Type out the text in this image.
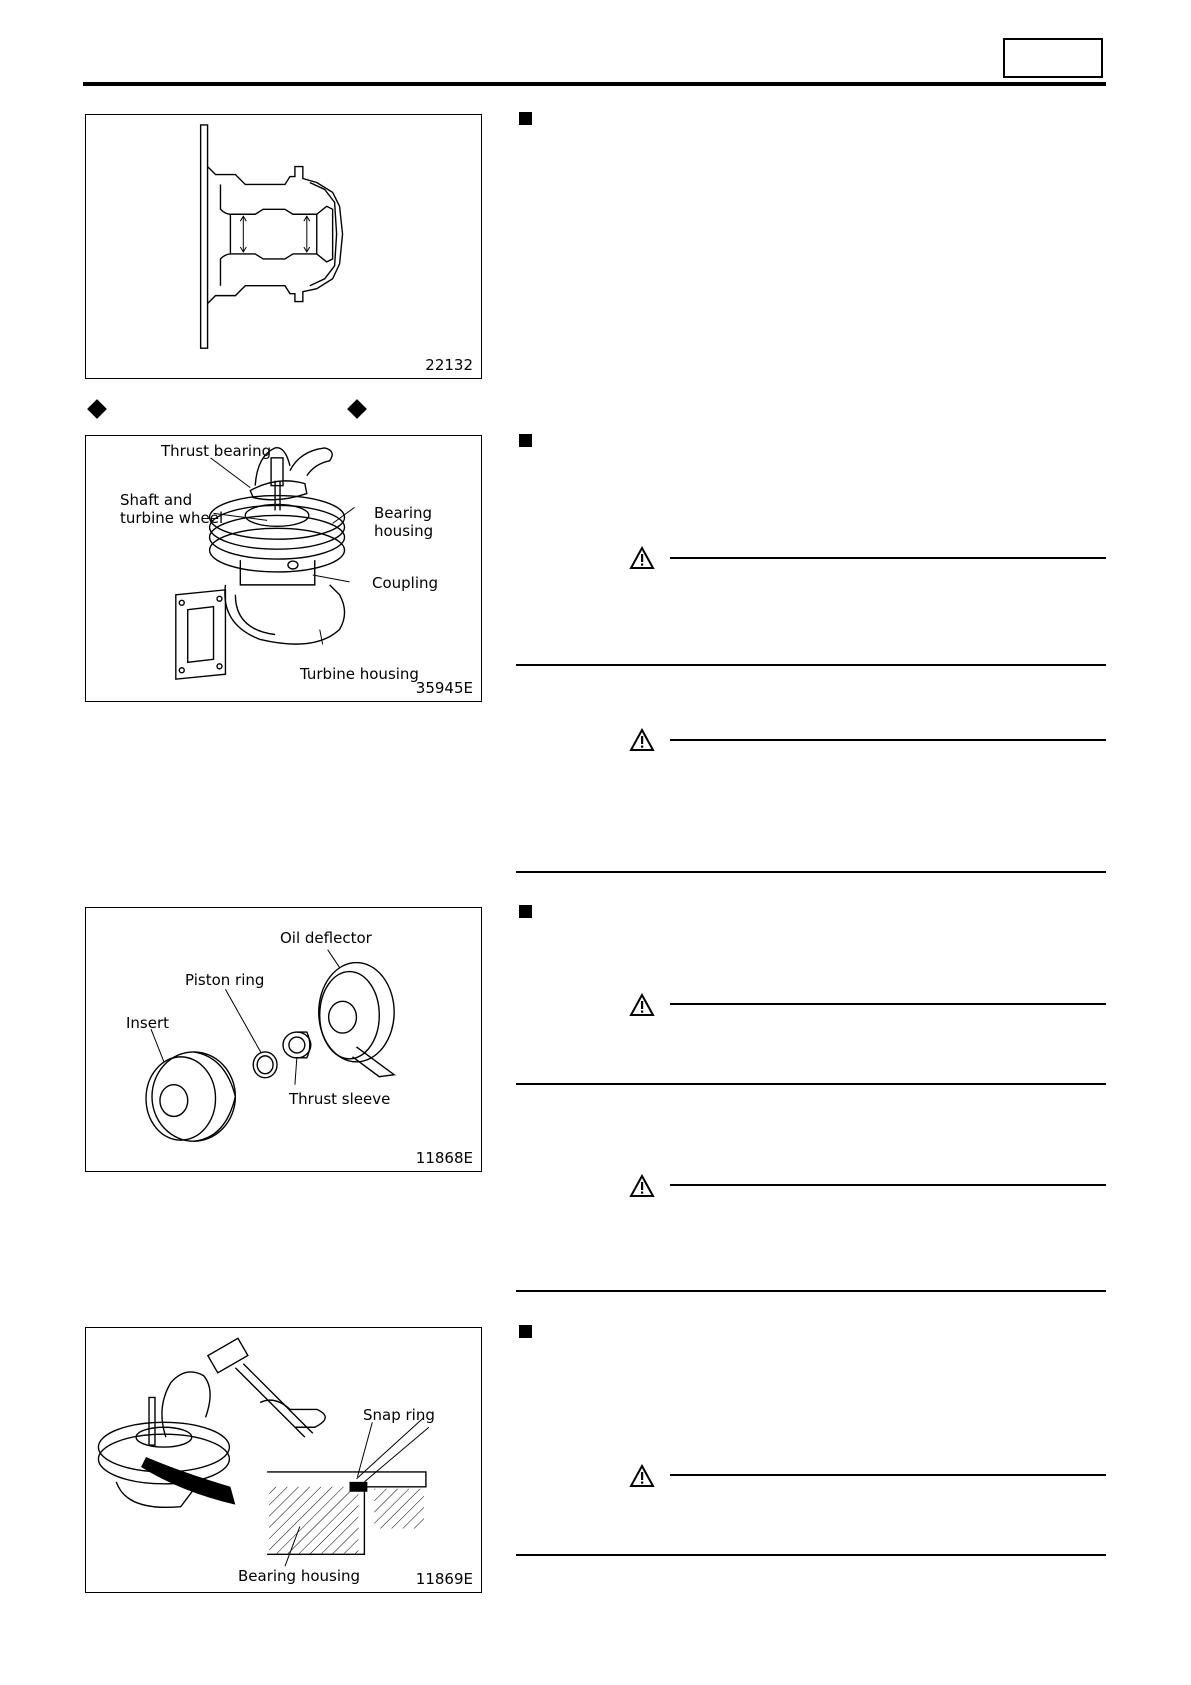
22132
Thrust bearing
Shaft and
turbine wheel	Bearing
housing
Coupling
Turbine housing
35945E
Oil deflector
Piston ring
Insert
Thrust sleeve
11868E
Snap ring
Bearing housing	11869E
